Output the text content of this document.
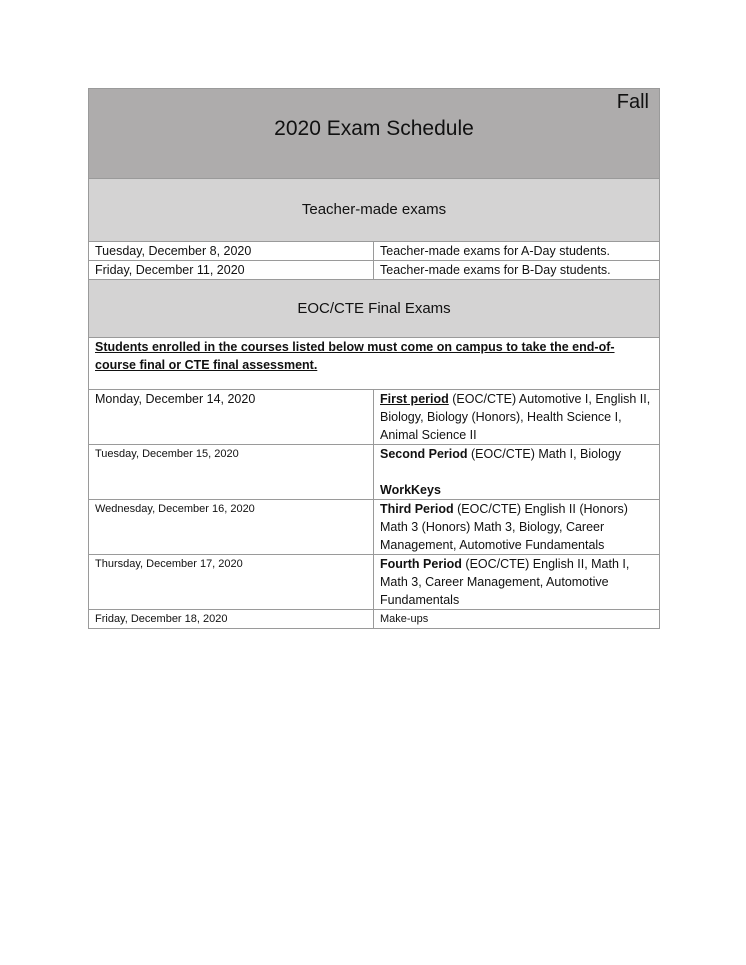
Fall
2020 Exam Schedule	

Teacher-made exams	
Tuesday, December 8, 2020	Teacher-made exams for A-Day students.
Friday, December 11, 2020	Teacher-made exams for B-Day students.
EOC/CTE Final Exams	
Students enrolled in the courses listed below must come on campus to take the end-of-course final or CTE final assessment.	
Monday, December 14, 2020	First period (EOC/CTE) Automotive I, English II, Biology, Biology (Honors), Health Science I, Animal Science II
Tuesday, December 15, 2020	Second Period (EOC/CTE) Math I, Biology
WorkKeys

Wednesday, December 16, 2020	Third Period (EOC/CTE) English II (Honors) Math 3 (Honors) Math 3, Biology, Career Management, Automotive Fundamentals
Thursday, December 17, 2020	Fourth Period (EOC/CTE) English II, Math I, Math 3, Career Management, Automotive Fundamentals
Friday, December 18, 2020	Make-ups
